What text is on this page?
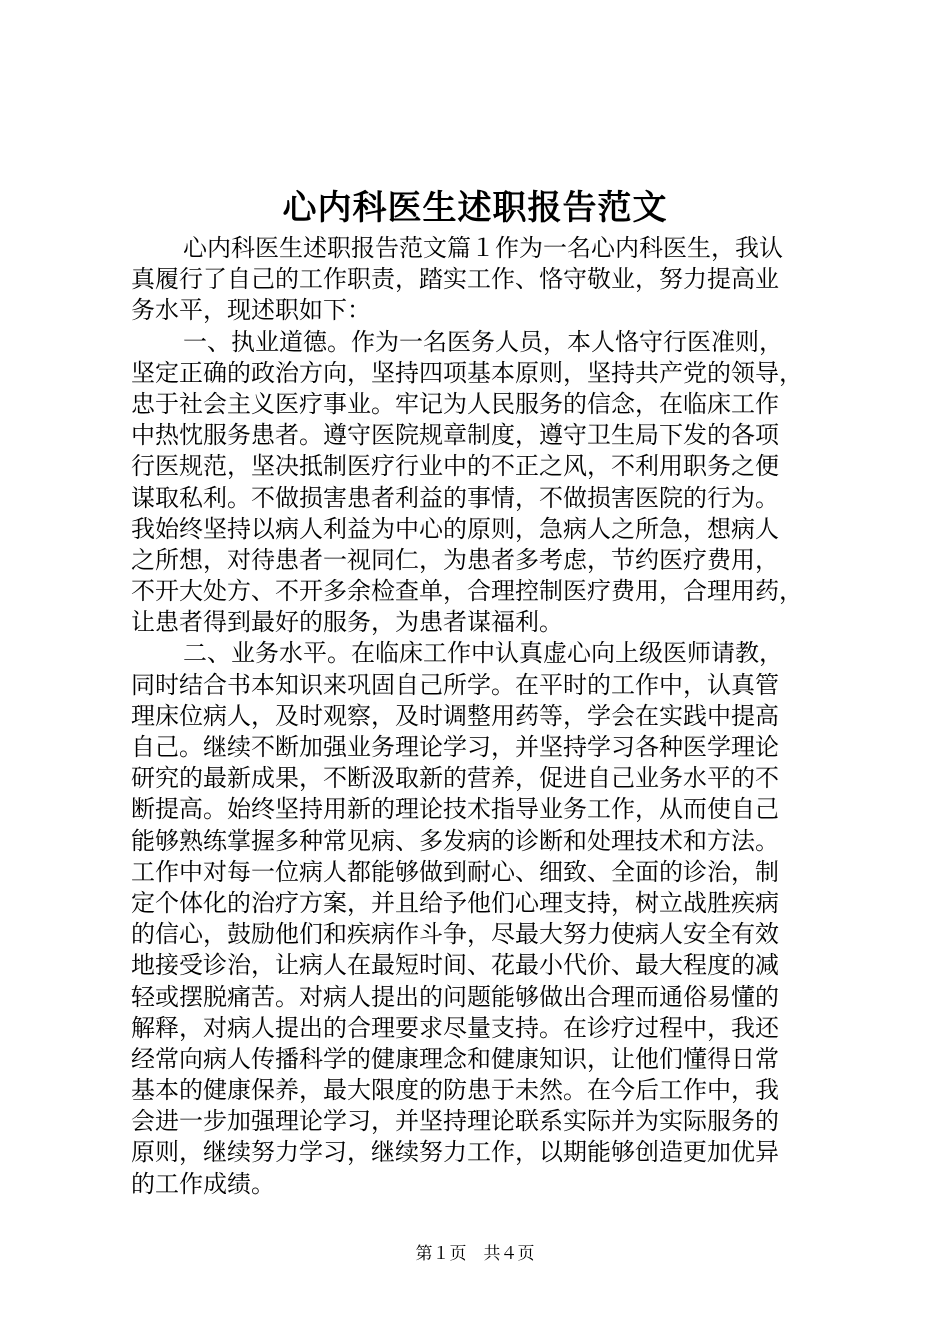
心内科医生述职报告范文
心内科医生述职报告范文篇１作为一名心内科医生，我认
真履行了自己的工作职责，踏实工作、恪守敬业，努力提高业
务水平，现述职如下：
一、执业道德。作为一名医务人员，本人恪守行医准则，
坚定正确的政治方向，坚持四项基本原则，坚持共产党的领导，
忠于社会主义医疗事业。牢记为人民服务的信念，在临床工作
中热忱服务患者。遵守医院规章制度，遵守卫生局下发的各项
行医规范，坚决抵制医疗行业中的不正之风，不利用职务之便
谋取私利。不做损害患者利益的事情，不做损害医院的行为。
我始终坚持以病人利益为中心的原则，急病人之所急，想病人
之所想，对待患者一视同仁，为患者多考虑，节约医疗费用，
不开大处方、不开多余检查单，合理控制医疗费用，合理用药，
让患者得到最好的服务，为患者谋福利。
二、业务水平。在临床工作中认真虚心向上级医师请教，
同时结合书本知识来巩固自己所学。在平时的工作中，认真管
理床位病人，及时观察，及时调整用药等，学会在实践中提高
自己。继续不断加强业务理论学习，并坚持学习各种医学理论
研究的最新成果，不断汲取新的营养，促进自己业务水平的不
断提高。始终坚持用新的理论技术指导业务工作，从而使自己
能够熟练掌握多种常见病、多发病的诊断和处理技术和方法。
工作中对每一位病人都能够做到耐心、细致、全面的诊治，制
定个体化的治疗方案，并且给予他们心理支持，树立战胜疾病
的信心，鼓励他们和疾病作斗争，尽最大努力使病人安全有效
地接受诊治，让病人在最短时间、花最小代价、最大程度的减
轻或摆脱痛苦。对病人提出的问题能够做出合理而通俗易懂的
解释，对病人提出的合理要求尽量支持。在诊疗过程中，我还
经常向病人传播科学的健康理念和健康知识，让他们懂得日常
基本的健康保养，最大限度的防患于未然。在今后工作中，我
会进一步加强理论学习，并坚持理论联系实际并为实际服务的
原则，继续努力学习，继续努力工作，以期能够创造更加优异
的工作成绩。
第１页　共４页
